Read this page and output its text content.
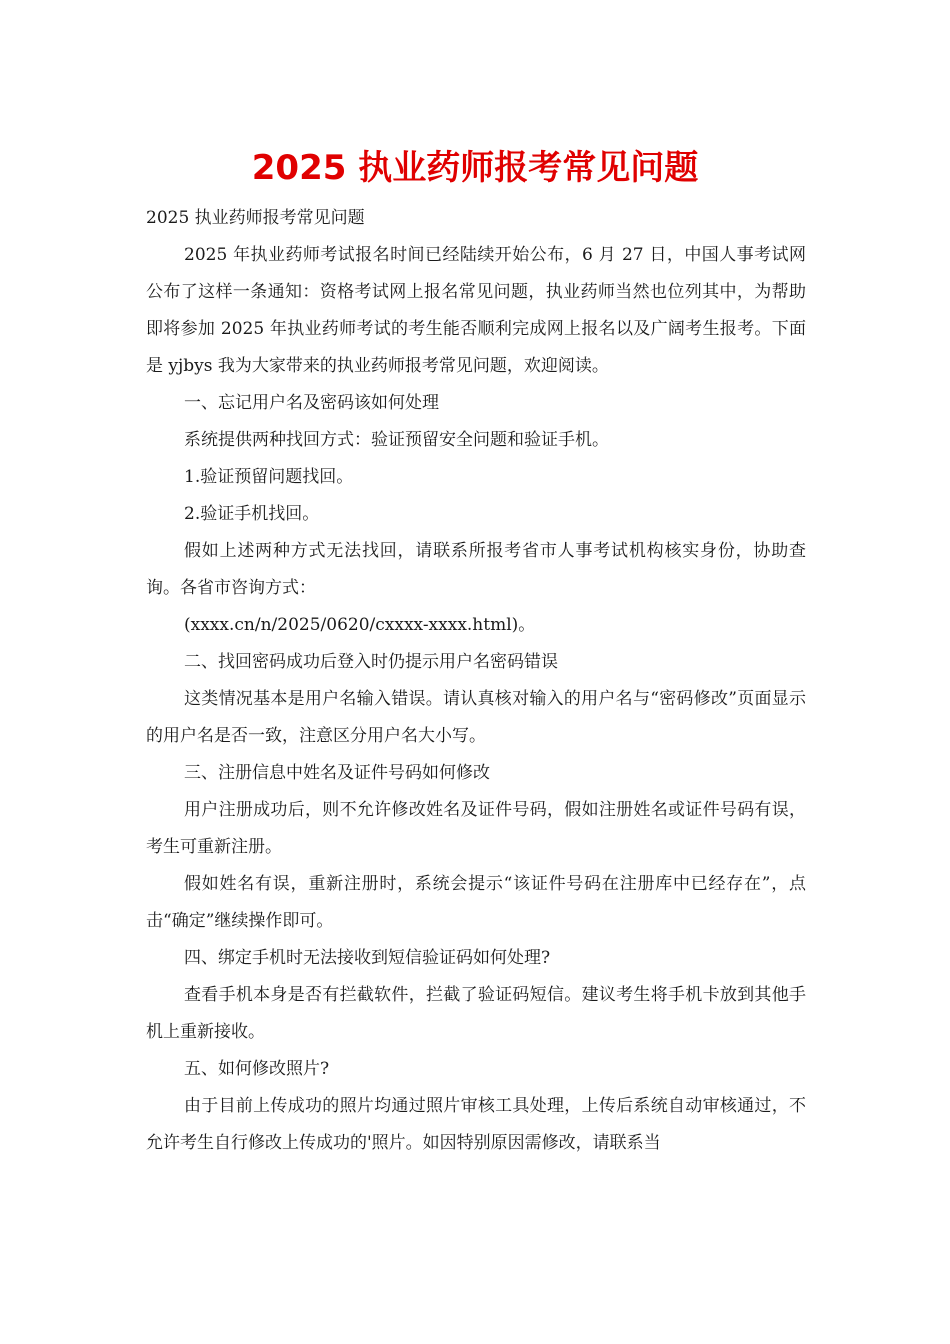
2025 执业药师报考常见问题

2025 执业药师报考常见问题

2025 年执业药师考试报名时间已经陆续开始公布，6 月 27 日，中国人事考试网公布了这样一条通知：资格考试网上报名常见问题，执业药师当然也位列其中，为帮助即将参加 2025 年执业药师考试的考生能否顺利完成网上报名以及广阔考生报考。下面是 yjbys 我为大家带来的执业药师报考常见问题，欢迎阅读。

一、忘记用户名及密码该如何处理

系统提供两种找回方式：验证预留安全问题和验证手机。

1.验证预留问题找回。

2.验证手机找回。

假如上述两种方式无法找回，请联系所报考省市人事考试机构核实身份，协助查询。各省市咨询方式：

(xxxx.cn/n/2025/0620/cxxxx-xxxx.html)。

二、找回密码成功后登入时仍提示用户名密码错误

这类情况基本是用户名输入错误。请认真核对输入的用户名与“密码修改”页面显示的用户名是否一致，注意区分用户名大小写。

三、注册信息中姓名及证件号码如何修改

用户注册成功后，则不允许修改姓名及证件号码，假如注册姓名或证件号码有误，考生可重新注册。

假如姓名有误，重新注册时，系统会提示“该证件号码在注册库中已经存在”，点击“确定”继续操作即可。

四、绑定手机时无法接收到短信验证码如何处理?

查看手机本身是否有拦截软件，拦截了验证码短信。建议考生将手机卡放到其他手机上重新接收。

五、如何修改照片?

由于目前上传成功的照片均通过照片审核工具处理，上传后系统自动审核通过，不允许考生自行修改上传成功的'照片。如因特别原因需修改，请联系当
